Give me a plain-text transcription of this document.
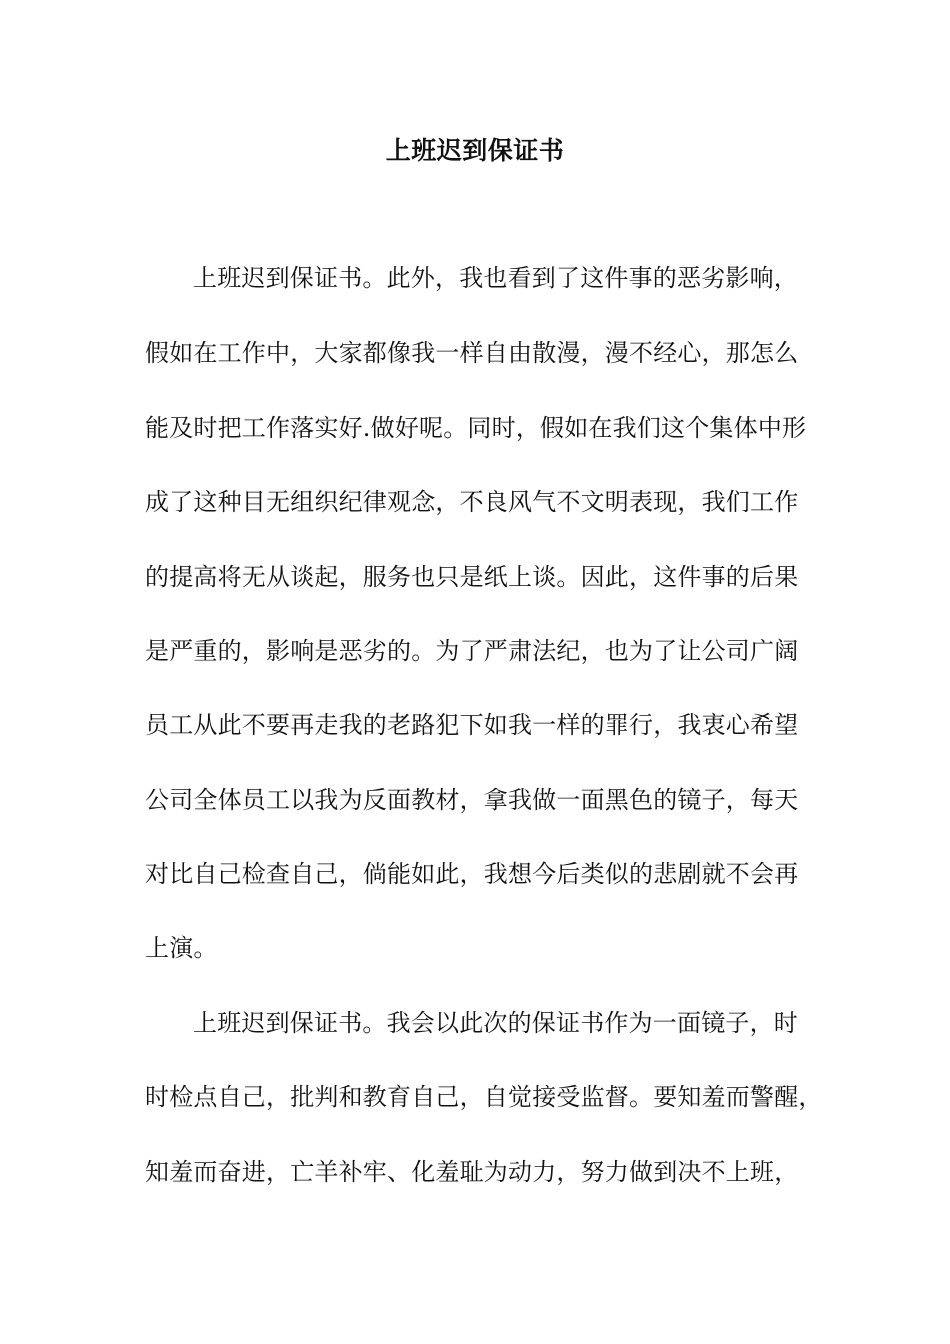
上班迟到保证书
上班迟到保证书。此外，我也看到了这件事的恶劣影响，
假如在工作中，大家都像我一样自由散漫，漫不经心，那怎么
能及时把工作落实好.做好呢。同时，假如在我们这个集体中形
成了这种目无组织纪律观念，不良风气不文明表现，我们工作
的提高将无从谈起，服务也只是纸上谈。因此，这件事的后果
是严重的，影响是恶劣的。为了严肃法纪，也为了让公司广阔
员工从此不要再走我的老路犯下如我一样的罪行，我衷心希望
公司全体员工以我为反面教材，拿我做一面黑色的镜子，每天
对比自己检查自己，倘能如此，我想今后类似的悲剧就不会再
上演。
上班迟到保证书。我会以此次的保证书作为一面镜子，时
时检点自己，批判和教育自己，自觉接受监督。要知羞而警醒，
知羞而奋进，亡羊补牢、化羞耻为动力，努力做到决不上班，
